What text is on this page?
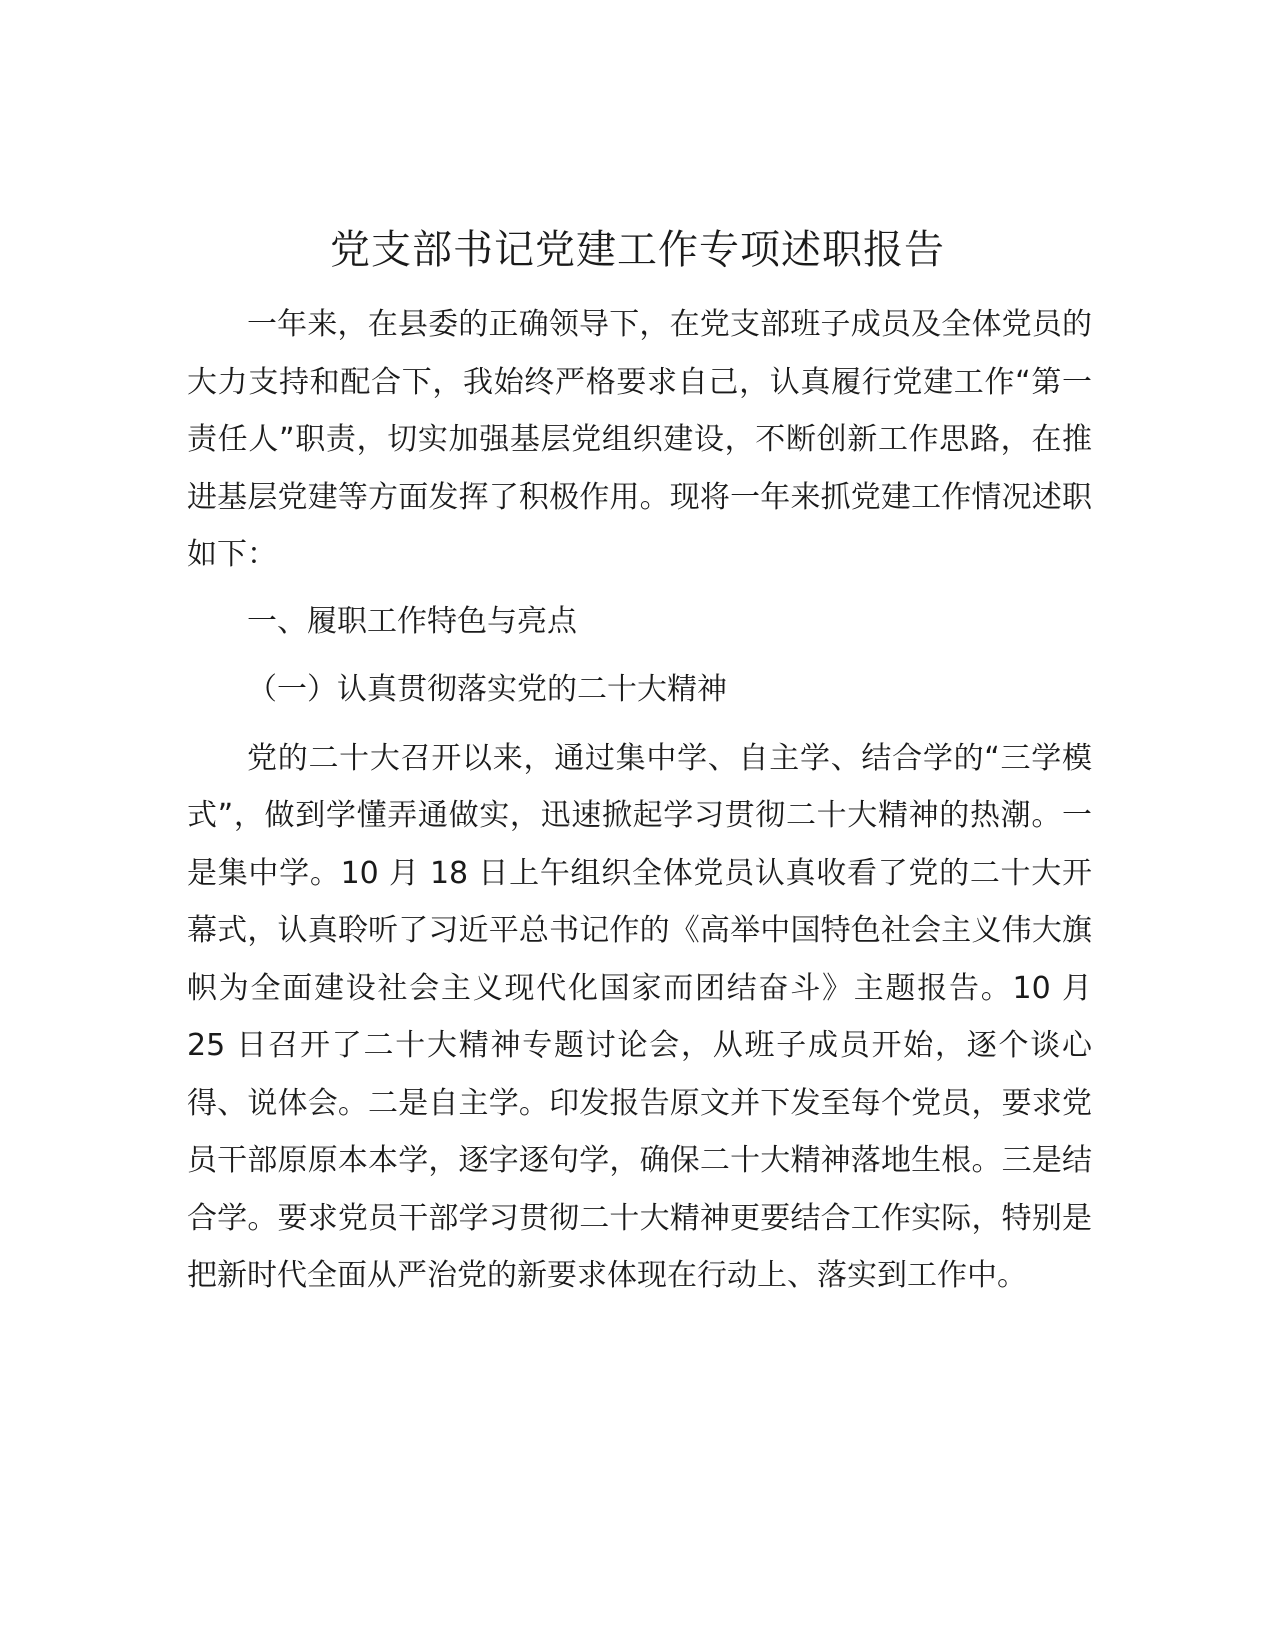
党支部书记党建工作专项述职报告

一年来，在县委的正确领导下，在党支部班子成员及全体党员的大力支持和配合下，我始终严格要求自己，认真履行党建工作“第一责任人”职责，切实加强基层党组织建设，不断创新工作思路，在推进基层党建等方面发挥了积极作用。现将一年来抓党建工作情况述职如下：

一、履职工作特色与亮点

（一）认真贯彻落实党的二十大精神

党的二十大召开以来，通过集中学、自主学、结合学的“三学模式”，做到学懂弄通做实，迅速掀起学习贯彻二十大精神的热潮。一是集中学。10 月 18 日上午组织全体党员认真收看了党的二十大开幕式，认真聆听了习近平总书记作的《高举中国特色社会主义伟大旗帜为全面建设社会主义现代化国家而团结奋斗》主题报告。10 月 25 日召开了二十大精神专题讨论会，从班子成员开始，逐个谈心得、说体会。二是自主学。印发报告原文并下发至每个党员，要求党员干部原原本本学，逐字逐句学，确保二十大精神落地生根。三是结合学。要求党员干部学习贯彻二十大精神更要结合工作实际，特别是把新时代全面从严治党的新要求体现在行动上、落实到工作中。
